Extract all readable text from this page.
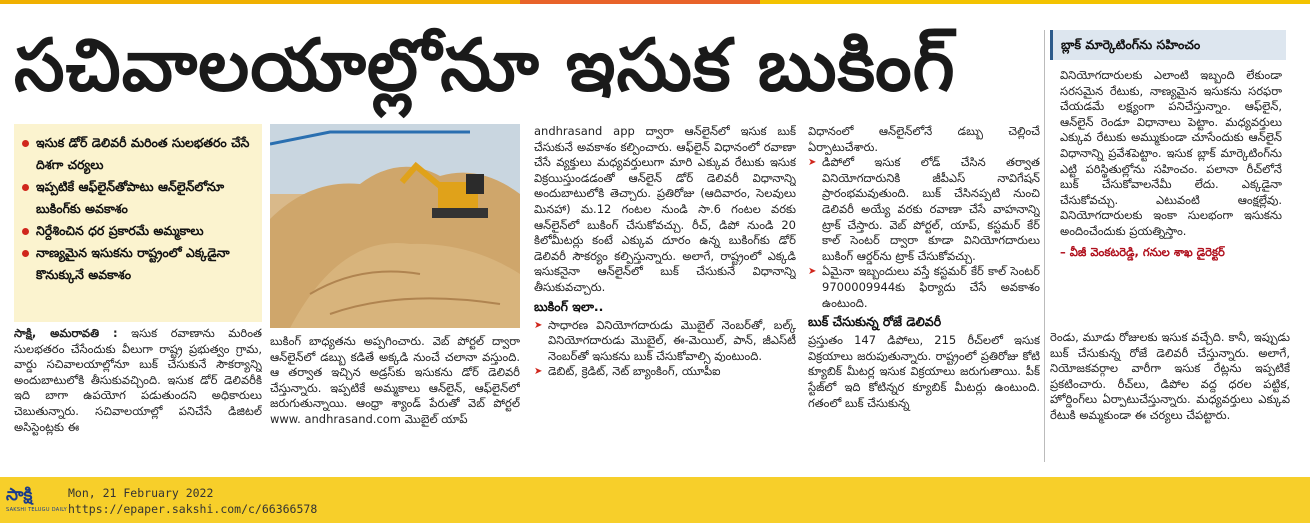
సచివాలయాల్లోనూ ఇసుక బుకింగ్
ఇసుక డోర్ డెలివరీ మరింత సులభతరం చేసే దిశగా చర్యలు
ఇప్పటికే ఆఫ్‌లైన్‌తోపాటు ఆన్‌లైన్‌లోనూ బుకింగ్‌కు అవకాశం
నిర్దేశించిన ధర ప్రకారమే అమ్మకాలు
నాణ్యమైన ఇసుకను రాష్ట్రంలో ఎక్కడైనా కొనుక్కునే అవకాశం
సాక్షి, అమరావతి : ఇసుక రవాణాను మరింత సులభతరం చేసేందుకు వీలుగా రాష్ట్ర ప్రభుత్వం గ్రామ, వార్డు సచివాలయాల్లోనూ బుక్ చేసుకునే సౌకర్యాన్ని అందుబాటులోకి తీసుకువచ్చింది. ఇసుక డోర్ డెలివరీకి ఇది బాగా ఉపయోగ పడుతుందని అధికారులు చెబుతున్నారు. సచివాలయాల్లో పనిచేసే డిజిటల్ అసిస్టెంట్లకు ఈ
బుకింగ్ బాధ్యతను అప్పగించారు. వెబ్ పోర్టల్ ద్వారా ఆన్‌లైన్‌లో డబ్బు కడితే అక్కడి నుంచే చలానా వస్తుంది. ఆ తర్వాత ఇచ్చిన అడ్రస్‌కు ఇసుకను డోర్ డెలివరీ చేస్తున్నారు. ఇప్పటికే అమ్మకాలు ఆన్‌లైన్, ఆఫ్‌లైన్‌లో జరుగుతున్నాయి. ఆంధ్రా శ్యాండ్ పేరుతో వెబ్ పోర్టల్ www. andhrasand.com మొబైల్ యాప్
andhrasand app ద్వారా ఆన్‌లైన్‌లో ఇసుక బుక్ చేసుకునే అవకాశం కల్పించారు. ఆఫ్‌లైన్ విధానంలో రవాణా చేసే వ్యక్తులు మధ్యవర్తులుగా మారి ఎక్కువ రేటుకు ఇసుక విక్రయిస్తుండడంతో ఆన్‌లైన్ డోర్ డెలివరీ విధానాన్ని అందుబాటులోకి తెచ్చారు. ప్రతిరోజు (ఆదివారం, సెలవులు మినహా) మ.12 గంటల నుండి సా.6 గంటల వరకు ఆన్‌లైన్‌లో బుకింగ్ చేసుకోవచ్చు. రీచ్, డిపో నుండి 20 కిలోమీటర్లు కంటే ఎక్కువ దూరం ఉన్న బుకింగ్‌కు డోర్ డెలివరీ సౌకర్యం కల్పిస్తున్నారు. అలాగే, రాష్ట్రంలో ఎక్కడి ఇసుకనైనా ఆన్‌లైన్‌లో బుక్ చేసుకునే విధానాన్ని తీసుకువచ్చారు.
బుకింగ్ ఇలా..
➤ సాధారణ వినియోగదారుడు మొబైల్ నెంబర్‌తో, బల్క్ వినియోగదారుడు మొబైల్, ఈ-మెయిల్, పాన్, జీఎస్‌టీ నెంబర్‌తో ఇసుకను బుక్ చేసుకోవాల్సి వుంటుంది.
➤ డెబిట్, క్రెడిట్, నెట్ బ్యాంకింగ్, యూపీఐ
విధానంలో ఆన్‌లైన్‌లోనే డబ్బు చెల్లించే ఏర్పాటుచేశారు.
➤ డిపోలో ఇసుక లోడ్ చేసిన తర్వాత వినియోగదారునికి జీపీఎస్ నావిగేషన్ ప్రారంభమవుతుంది. బుక్ చేసినప్పటి నుంచి డెలివరీ అయ్యే వరకు రవాణా చేసే వాహనాన్ని ట్రాక్ చేస్తారు. వెబ్ పోర్టల్, యాప్, కస్టమర్ కేర్ కాల్ సెంటర్ ద్వారా కూడా వినియోగదారులు బుకింగ్ ఆర్డర్‌ను ట్రాక్ చేసుకోవచ్చు.
➤ ఏమైనా ఇబ్బందులు వస్తే కస్టమర్ కేర్ కాల్ సెంటర్ 9700009944కు ఫిర్యాదు చేసే అవకాశం ఉంటుంది.
బుక్ చేసుకున్న రోజే డెలివరీ
ప్రస్తుతం 147 డిపోలు, 215 రీచ్‌లలో ఇసుక విక్రయాలు జరుపుతున్నారు. రాష్ట్రంలో ప్రతిరోజు కోటి క్యూబిక్ మీటర్ల ఇసుక విక్రయాలు జరుగుతాయి. పీక్ స్టేజ్‌లో ఇది కోటిన్నర క్యూబిక్ మీటర్లు ఉంటుంది. గతంలో బుక్ చేసుకున్న
బ్లాక్ మార్కెటింగ్‌ను సహించం
వినియోగదారులకు ఎలాంటి ఇబ్బంది లేకుండా సరసమైన రేటుకు, నాణ్యమైన ఇసుకను సరఫరా చేయడమే లక్ష్యంగా పనిచేస్తున్నాం. ఆఫ్‌లైన్, ఆన్‌లైన్ రెండూ విధానాలు పెట్టాం. మధ్యవర్తులు ఎక్కువ రేటుకు అమ్ముకుండా చూసేందుకు ఆన్‌లైన్ విధానాన్ని ప్రవేశపెట్టాం. ఇసుక బ్లాక్ మార్కెటింగ్‌ను ఎట్టి పరిస్థితుల్లోను సహించం. పలానా రీచ్‌లోనే బుక్ చేసుకోవాలనేమీ లేదు. ఎక్కడైనా చేసుకోవచ్చు. ఎటువంటి ఆంక్షల్లేవు. వినియోగదారులకు ఇంకా సులభంగా ఇసుకను అందించేందుకు ప్రయత్నిస్తాం.
– వీజీ వెంకటరెడ్డి, గనుల శాఖ డైరెక్టర్
రెండు, మూడు రోజులకు ఇసుక వచ్చేది. కానీ, ఇప్పుడు బుక్ చేసుకున్న రోజే డెలివరీ చేస్తున్నారు. అలాగే, నియోజకవర్గాల వారీగా ఇసుక రేట్లను ఇప్పటికే ప్రకటించారు. రీచ్‌లు, డిపోల వద్ద ధరల పట్టిక, హోర్డింగ్‌లు ఏర్పాటుచేస్తున్నారు. మధ్యవర్తులు ఎక్కువ రేటుకి అమ్మకుండా ఈ చర్యలు చేపట్టారు.
సాక్షి
SAKSHI TELUGU DAILY
Mon, 21 February 2022
https://epaper.sakshi.com/c/66366578
